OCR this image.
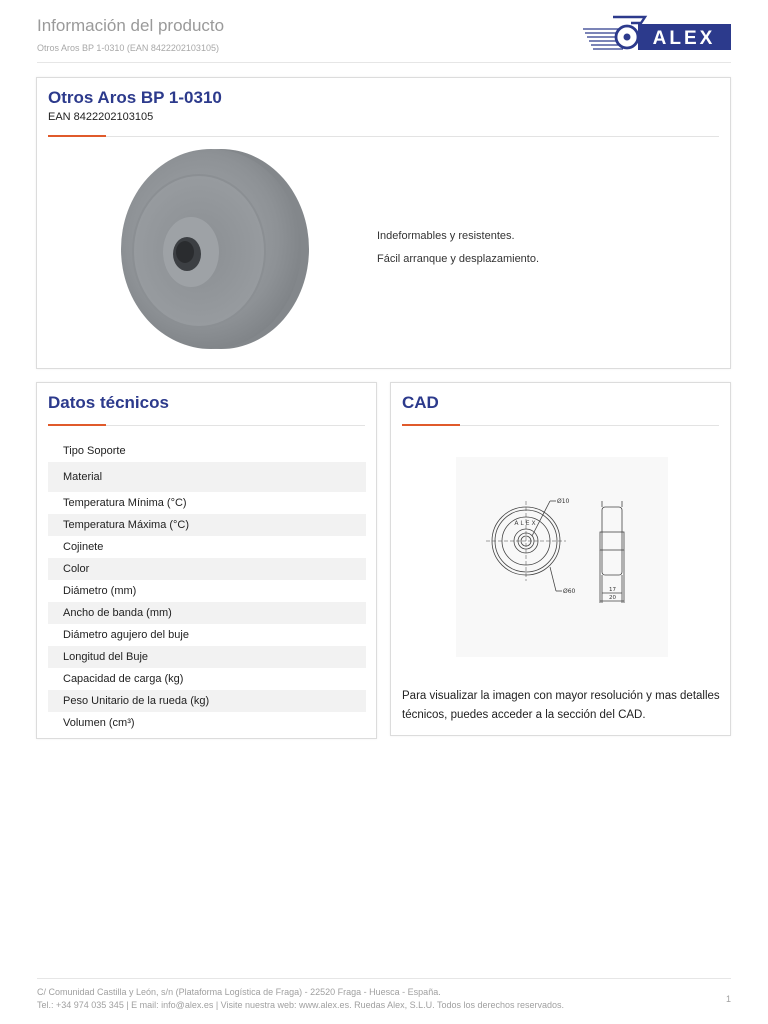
Información del producto
Otros Aros BP 1-0310 (EAN 8422202103105)	ALEX
Otros Aros BP 1-0310
EAN 8422202103105
Indeformables y resistentes.
Fácil arranque y desplazamiento.
Datos técnicos
Tipo Soporte
Material
Temperatura Mínima (°C)
Temperatura Máxima (°C)
Cojinete
Color
Diámetro (mm)
Ancho de banda (mm)
Diámetro agujero del buje
Longitud del Buje
Capacidad de carga (kg)
Peso Unitario de la rueda (kg)
Volumen (cm³)
CAD
Ø10
Ø60	17
20
ALEX
Para visualizar la imagen con mayor resolución y mas detalles técnicos, puedes acceder a la sección del CAD.
C/ Comunidad Castilla y León, s/n (Plataforma Logística de Fraga) - 22520 Fraga - Huesca - España.
Tel.: +34 974 035 345 | E mail: info@alex.es | Visite nuestra web: www.alex.es. Ruedas Alex, S.L.U. Todos los derechos reservados.
1
